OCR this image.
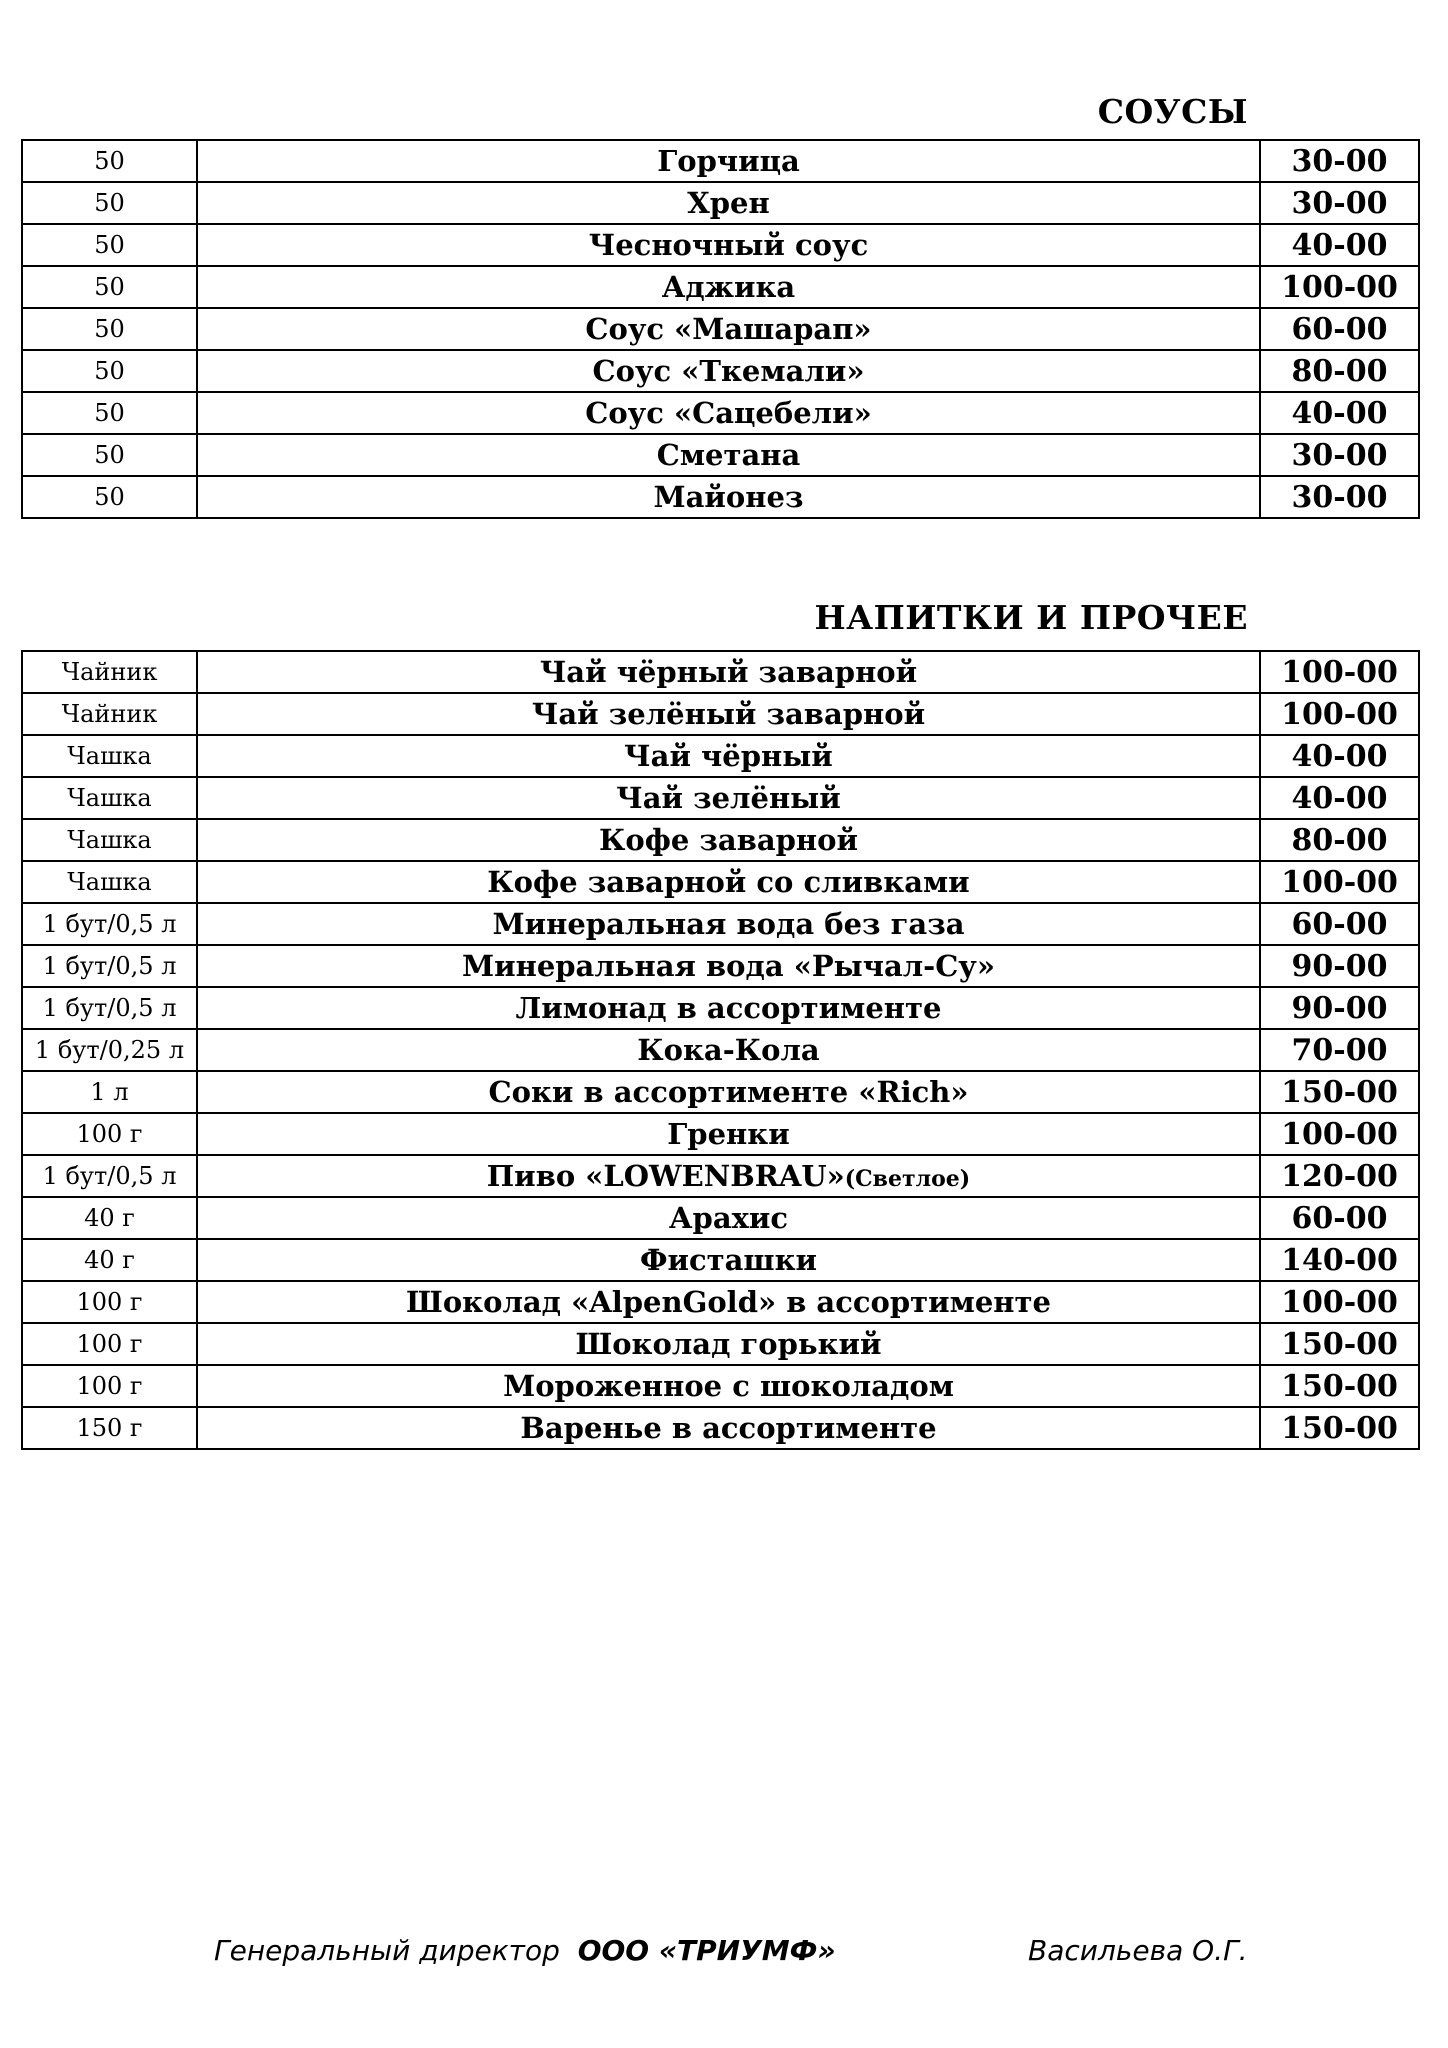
СОУСЫ
50	Горчица	30-00
50	Хрен	30-00
50	Чесночный соус	40-00
50	Аджика	100-00
50	Соус «Машарап»	60-00
50	Соус «Ткемали»	80-00
50	Соус «Сацебели»	40-00
50	Сметана	30-00
50	Майонез	30-00
НАПИТКИ И ПРОЧЕЕ
Чайник	Чай чёрный заварной	100-00
Чайник	Чай зелёный заварной	100-00
Чашка	Чай чёрный	40-00
Чашка	Чай зелёный	40-00
Чашка	Кофе заварной	80-00
Чашка	Кофе заварной со сливками	100-00
1 бут/0,5 л	Минеральная вода без газа	60-00
1 бут/0,5 л	Минеральная вода «Рычал-Су»	90-00
1 бут/0,5 л	Лимонад в ассортименте	90-00
1 бут/0,25 л	Кока-Кола	70-00
1 л	Соки в ассортименте «Rich»	150-00
100 г	Гренки	100-00
1 бут/0,5 л	Пиво «LOWENBRAU»(Светлое)	120-00
40 г	Арахис	60-00
40 г	Фисташки	140-00
100 г	Шоколад «AlpenGold» в ассортименте	100-00
100 г	Шоколад горький	150-00
100 г	Мороженное с шоколадом	150-00
150 г	Варенье в ассортименте	150-00
Генеральный директор ООО «ТРИУМФ»	Васильева О.Г.
